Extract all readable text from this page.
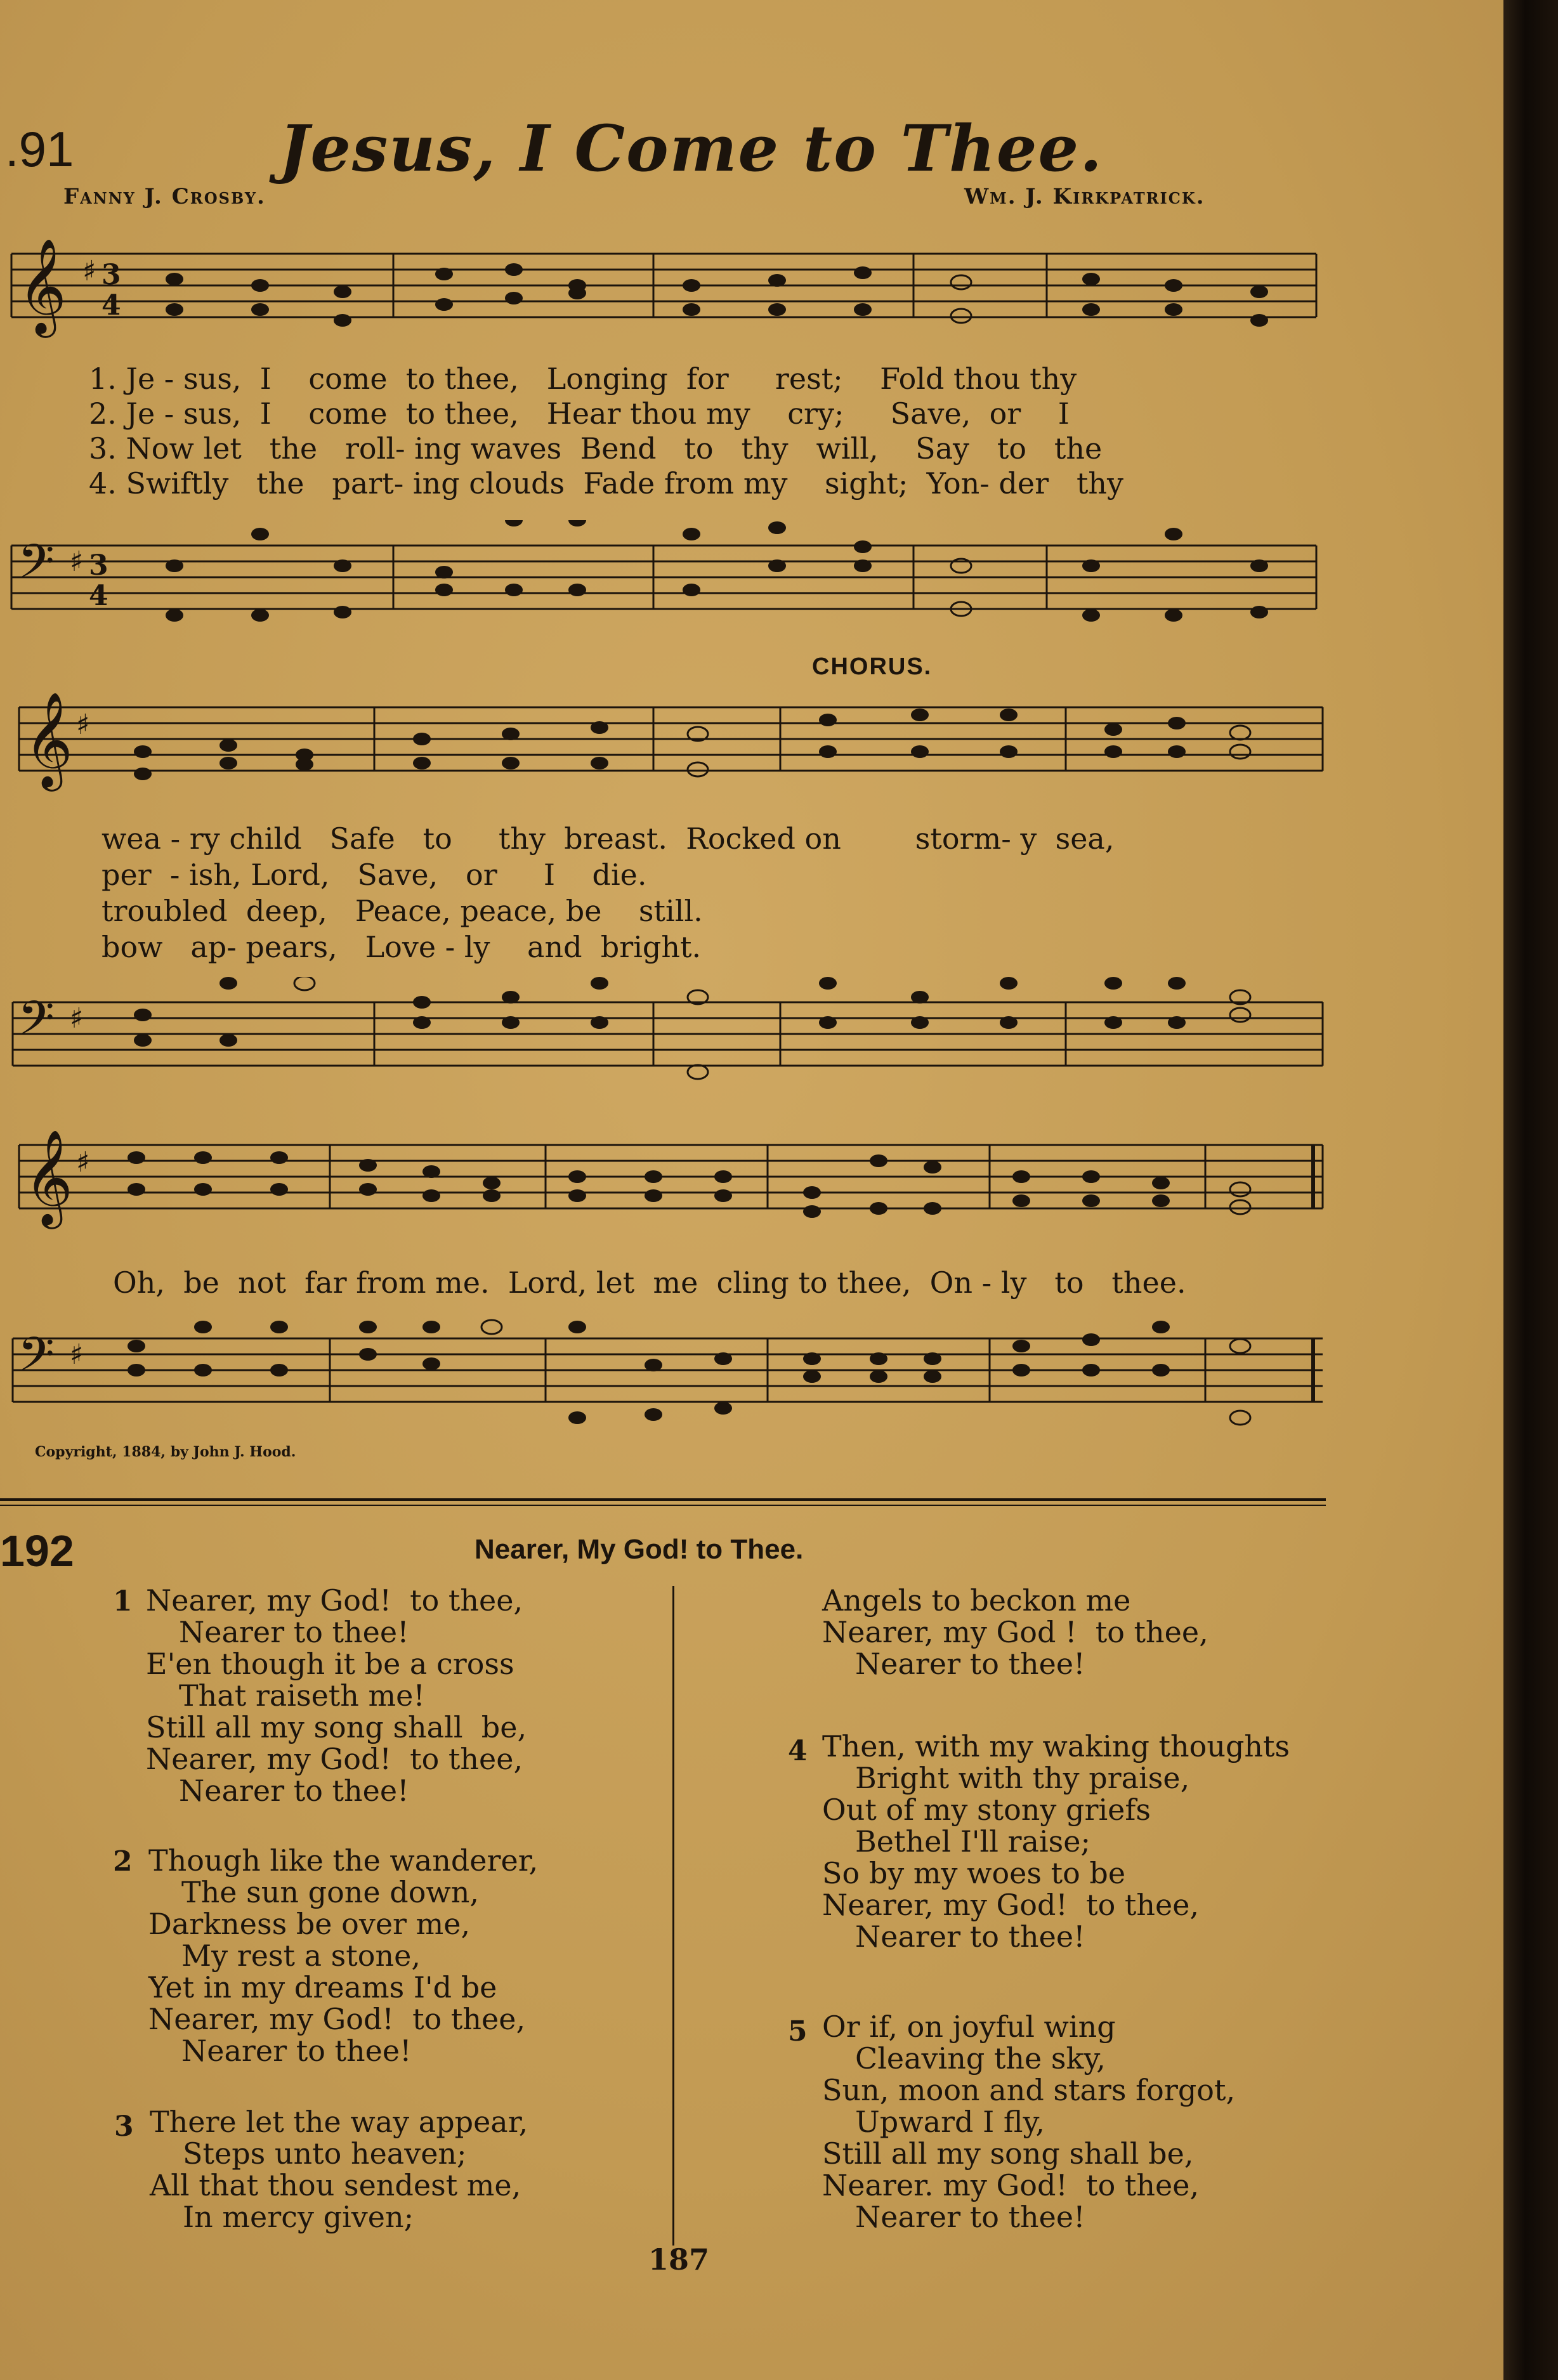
.91	Jesus, I Come to Thee.
Fanny J. Crosby.	Wm. J. Kirkpatrick.
𝄞 ♯ 3
4
1. Je - sus,  I    come  to thee,   Longing  for     rest;    Fold thou thy
2. Je - sus,  I    come  to thee,   Hear thou my    cry;     Save,  or    I
3. Now let   the   roll- ing waves  Bend   to   thy   will,    Say   to   the
4. Swiftly   the   part- ing clouds  Fade from my    sight;  Yon- der   thy
𝄢 ♯ 3
4
CHORUS.
𝄞 ♯
wea - ry child   Safe   to     thy  breast.  Rocked on        storm- y  sea,
per  - ish, Lord,   Save,   or     I    die.
troubled  deep,   Peace, peace, be    still.
bow   ap- pears,   Love - ly    and  bright.
𝄢 ♯
𝄞 ♯
Oh,  be  not  far from me.  Lord, let  me  cling to thee,  On - ly   to   thee.
𝄢 ♯
Copyright, 1884, by John J. Hood.
192	Nearer, My God! to Thee.
1 Nearer, my God!  to thee,
Nearer to thee!
E'en though it be a cross
That raiseth me!
Still all my song shall  be,
Nearer, my God!  to thee,
Nearer to thee!
2 Though like the wanderer,
The sun gone down,
Darkness be over me,
My rest a stone,
Yet in my dreams I'd be
Nearer, my God!  to thee,
Nearer to thee!
3 There let the way appear,
Steps unto heaven;
All that thou sendest me,
In mercy given;
Angels to beckon me
Nearer, my God !  to thee,
Nearer to thee!
4 Then, with my waking thoughts
Bright with thy praise,
Out of my stony griefs
Bethel I'll raise;
So by my woes to be
Nearer, my God!  to thee,
Nearer to thee!
5 Or if, on joyful wing
Cleaving the sky,
Sun, moon and stars forgot,
Upward I fly,
Still all my song shall be,
Nearer. my God!  to thee,
Nearer to thee!
187
